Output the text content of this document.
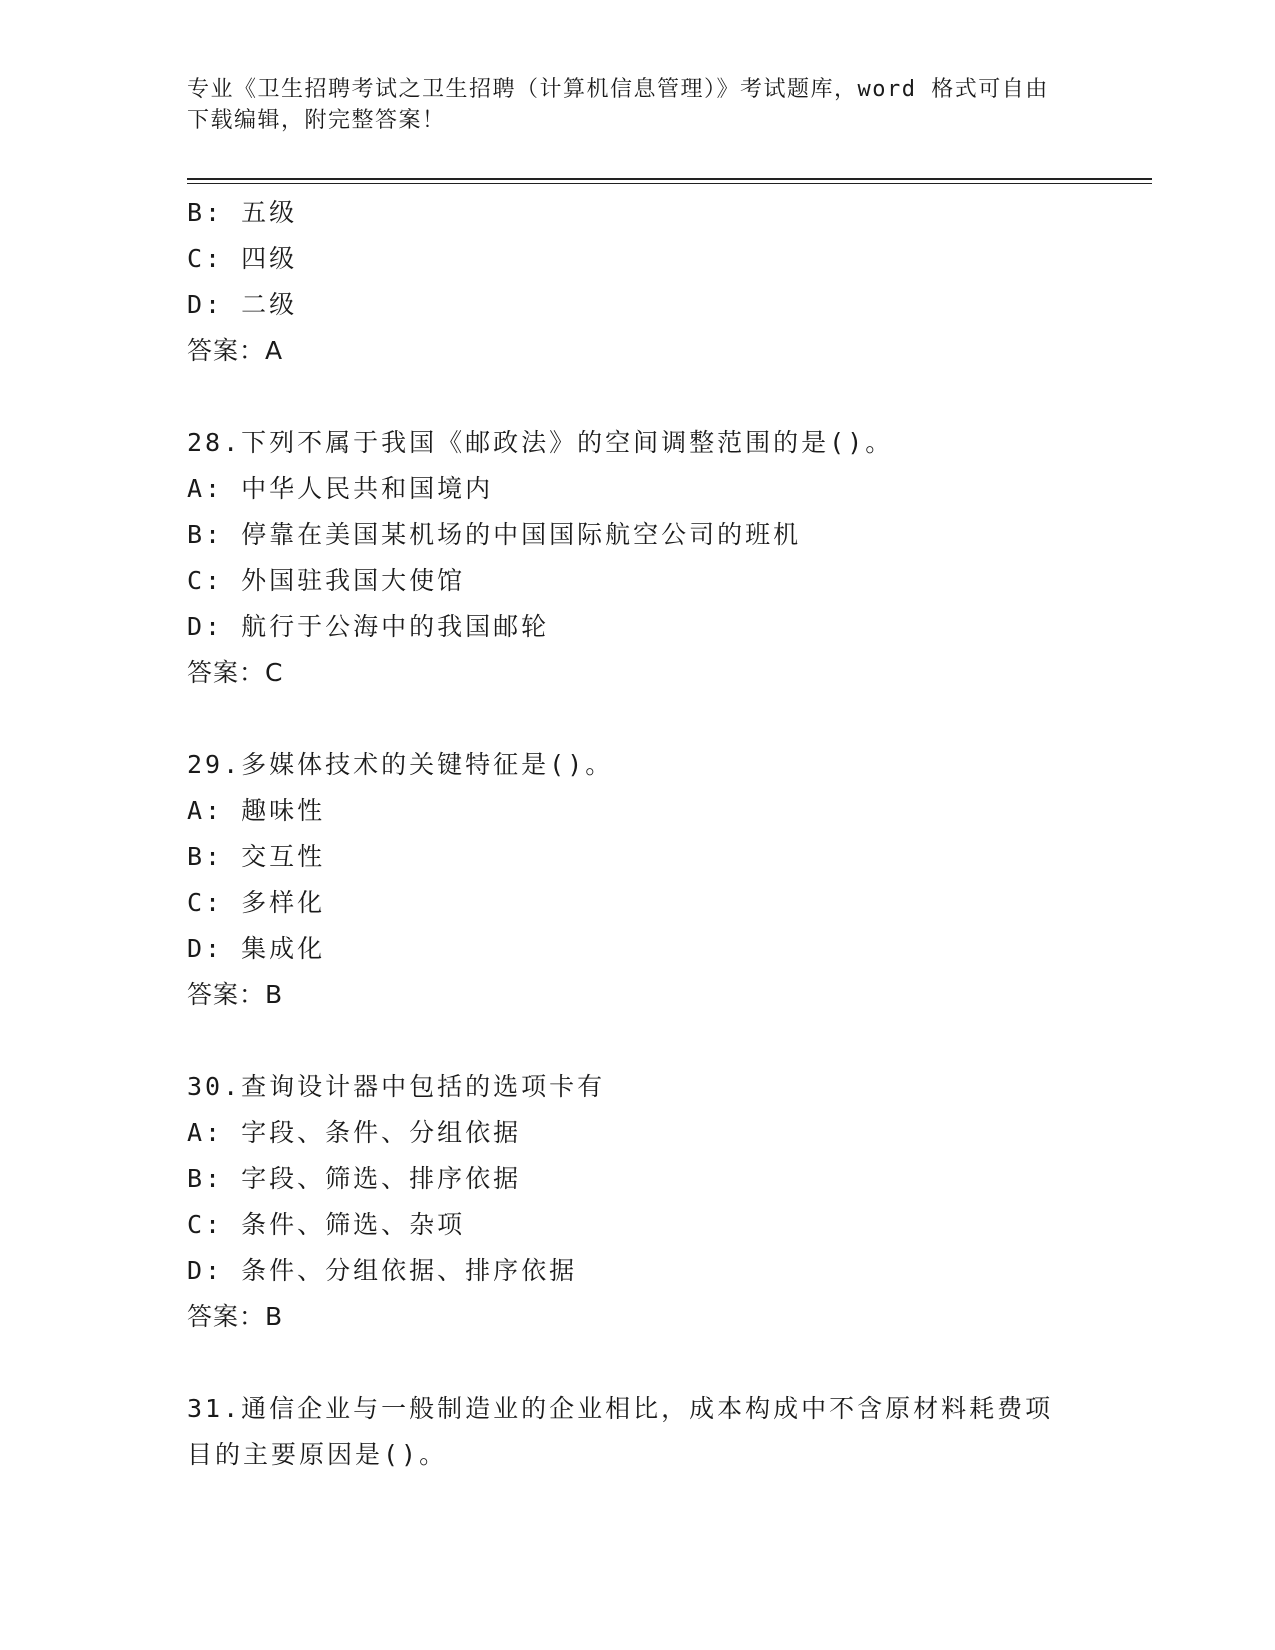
专业《卫生招聘考试之卫生招聘（计算机信息管理）》考试题库，word 格式可自由下载编辑，附完整答案！
B: 五级
C: 四级
D: 二级
答案：A
28.下列不属于我国《邮政法》的空间调整范围的是()。
A: 中华人民共和国境内
B: 停靠在美国某机场的中国国际航空公司的班机
C: 外国驻我国大使馆
D: 航行于公海中的我国邮轮
答案：C
29.多媒体技术的关键特征是()。
A: 趣味性
B: 交互性
C: 多样化
D: 集成化
答案：B
30.查询设计器中包括的选项卡有
A: 字段、条件、分组依据
B: 字段、筛选、排序依据
C: 条件、筛选、杂项
D: 条件、分组依据、排序依据
答案：B
31.通信企业与一般制造业的企业相比，成本构成中不含原材料耗费项目的主要原因是()。
